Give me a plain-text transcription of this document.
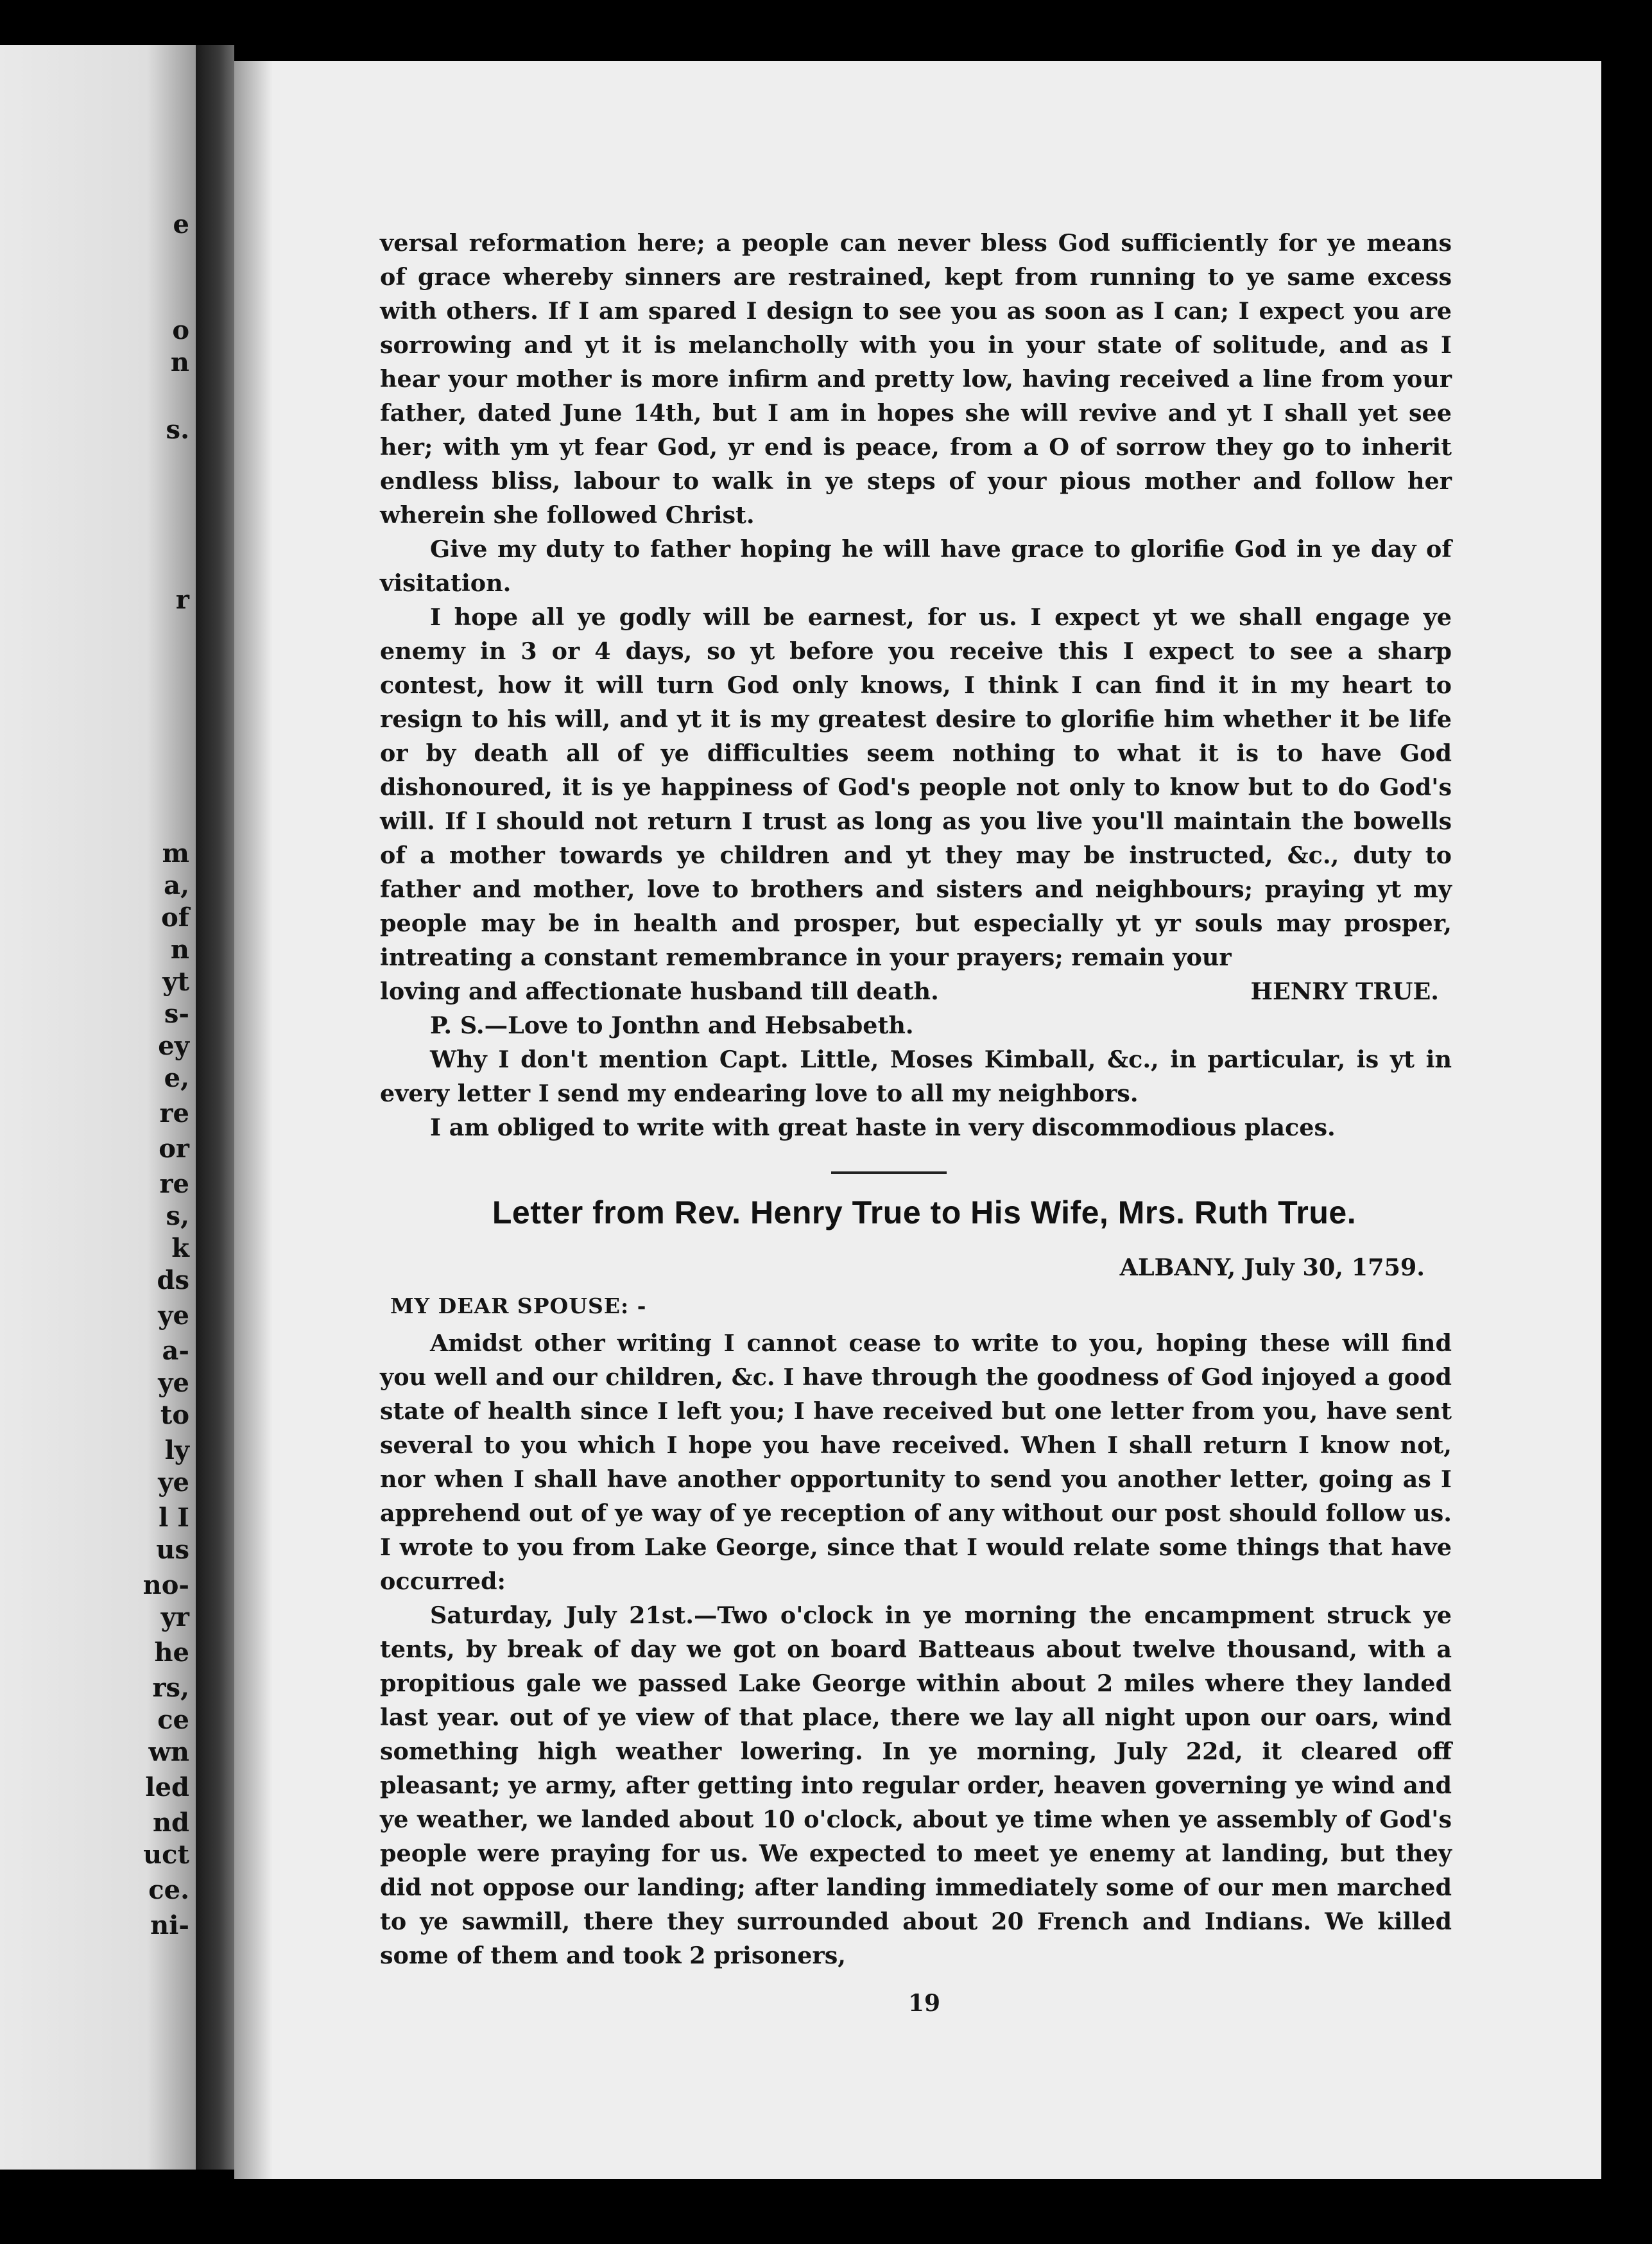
e
o
n
s.
r
m
a,
of
n
yt
s-
ey
e,
re
or
re
s,
k
ds
ye
a-
ye
to
ly
ye
l I
us
no-
yr
he
rs,
ce
wn
led
nd
uct
ce.
ni-

versal reformation here; a people can never bless God sufficiently for ye means of grace whereby sinners are restrained, kept from running to ye same excess with others. If I am spared I design to see you as soon as I can; I expect you are sorrowing and yt it is melancholly with you in your state of solitude, and as I hear your mother is more infirm and pretty low, having received a line from your father, dated June 14th, but I am in hopes she will revive and yt I shall yet see her; with ym yt fear God, yr end is peace, from a O of sorrow they go to inherit endless bliss, labour to walk in ye steps of your pious mother and follow her wherein she followed Christ.

Give my duty to father hoping he will have grace to glorifie God in ye day of visitation.

I hope all ye godly will be earnest, for us. I expect yt we shall engage ye enemy in 3 or 4 days, so yt before you receive this I expect to see a sharp contest, how it will turn God only knows, I think I can find it in my heart to resign to his will, and yt it is my greatest desire to glorifie him whether it be life or by death all of ye difficulties seem nothing to what it is to have God dishonoured, it is ye happiness of God's people not only to know but to do God's will. If I should not return I trust as long as you live you'll maintain the bowells of a mother towards ye children and yt they may be instructed, &c., duty to father and mother, love to brothers and sisters and neighbours; praying yt my people may be in health and prosper, but especially yt yr souls may prosper, intreating a constant remembrance in your prayers; remain your

loving and affectionate husband till death.	HENRY TRUE.

P. S.—Love to Jonthn and Hebsabeth.

Why I don't mention Capt. Little, Moses Kimball, &c., in particular, is yt in every letter I send my endearing love to all my neighbors.

I am obliged to write with great haste in very discommodious places.

Letter from Rev. Henry True to His Wife, Mrs. Ruth True.
ALBANY, July 30, 1759.
MY DEAR SPOUSE: -

Amidst other writing I cannot cease to write to you, hoping these will find you well and our children, &c. I have through the goodness of God injoyed a good state of health since I left you; I have received but one letter from you, have sent several to you which I hope you have received. When I shall return I know not, nor when I shall have another opportunity to send you another letter, going as I apprehend out of ye way of ye reception of any without our post should follow us. I wrote to you from Lake George, since that I would relate some things that have occurred:

Saturday, July 21st.—Two o'clock in ye morning the encampment struck ye tents, by break of day we got on board Batteaus about twelve thousand, with a propitious gale we passed Lake George within about 2 miles where they landed last year. out of ye view of that place, there we lay all night upon our oars, wind something high weather lowering. In ye morning, July 22d, it cleared off pleasant; ye army, after getting into regular order, heaven governing ye wind and ye weather, we landed about 10 o'clock, about ye time when ye assembly of God's people were praying for us. We expected to meet ye enemy at landing, but they did not oppose our landing; after landing immediately some of our men marched to ye sawmill, there they surrounded about 20 French and Indians. We killed some of them and took 2 prisoners,

19
